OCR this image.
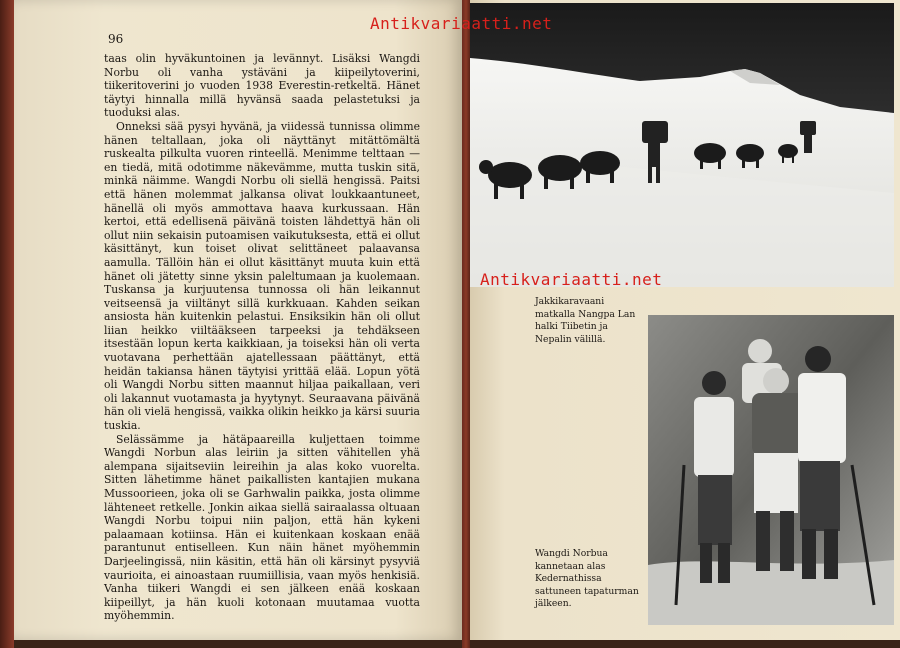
96

taas olin hyväkuntoinen ja levännyt. Lisäksi Wangdi Norbu oli vanha ystäväni ja kiipeilytoverini, tiikeritoverini jo vuoden 1938 Everestin-retkeltä. Hänet täytyi hinnalla millä hyvänsä saada pelastetuksi ja tuoduksi alas.

Onneksi sää pysyi hyvänä, ja viidessä tunnissa olimme hänen teltallaan, joka oli näyttänyt mitättömältä ruskealta pilkulta vuoren rinteellä. Menimme telttaan — en tiedä, mitä odotimme näkevämme, mutta tuskin sitä, minkä näimme. Wangdi Norbu oli siellä hengissä. Paitsi että hänen molemmat jalkansa olivat loukkaantuneet, hänellä oli myös ammottava haava kurkussaan. Hän kertoi, että edellisenä päivänä toisten lähdettyä hän oli ollut niin sekaisin putoamisen vaikutuksesta, että ei ollut käsittänyt, kun toiset olivat selittäneet palaavansa aamulla. Tällöin hän ei ollut käsittänyt muuta kuin että hänet oli jätetty sinne yksin paleltumaan ja kuolemaan. Tuskansa ja kurjuutensa tunnossa oli hän leikannut veitseensä ja viiltänyt sillä kurkkuaan. Kahden seikan ansiosta hän kuitenkin pelastui. Ensiksikin hän oli ollut liian heikko viiltääkseen tarpeeksi ja tehdäkseen itsestään lopun kerta kaikkiaan, ja toiseksi hän oli verta vuotavana perhettään ajatellessaan päättänyt, että heidän takiansa hänen täytyisi yrittää elää. Lopun yötä oli Wangdi Norbu sitten maannut hiljaa paikallaan, veri oli lakannut vuotamasta ja hyytynyt. Seuraavana päivänä hän oli vielä hengissä, vaikka olikin heikko ja kärsi suuria tuskia.

Selässämme ja hätäpaareilla kuljettaen toimme Wangdi Norbun alas leiriin ja sitten vähitellen yhä alempana sijaitseviin leireihin ja alas koko vuorelta. Sitten lähetimme hänet paikallisten kantajien mukana Mussoorieen, joka oli se Garhwalin paikka, josta olimme lähteneet retkelle. Jonkin aikaa siellä sairaalassa oltuaan Wangdi Norbu toipui niin paljon, että hän kykeni palaamaan kotiinsa. Hän ei kuitenkaan koskaan enää parantunut entiselleen. Kun näin hänet myöhemmin Darjeelingissä, niin käsitin, että hän oli kärsinyt pysyviä vaurioita, ei ainoastaan ruumiillisia, vaan myös henkisiä. Vanha tiikeri Wangdi ei sen jälkeen enää koskaan kiipeillyt, ja hän kuoli kotonaan muutamaa vuotta myöhemmin.

Jakkikaravaani matkalla Nangpa Lan halki Tiibetin ja Nepalin välillä.
Wangdi Norbua kannetaan alas Kedernathissa sattuneen tapaturman jälkeen.
Antikvariaatti.net
Antikvariaatti.net
